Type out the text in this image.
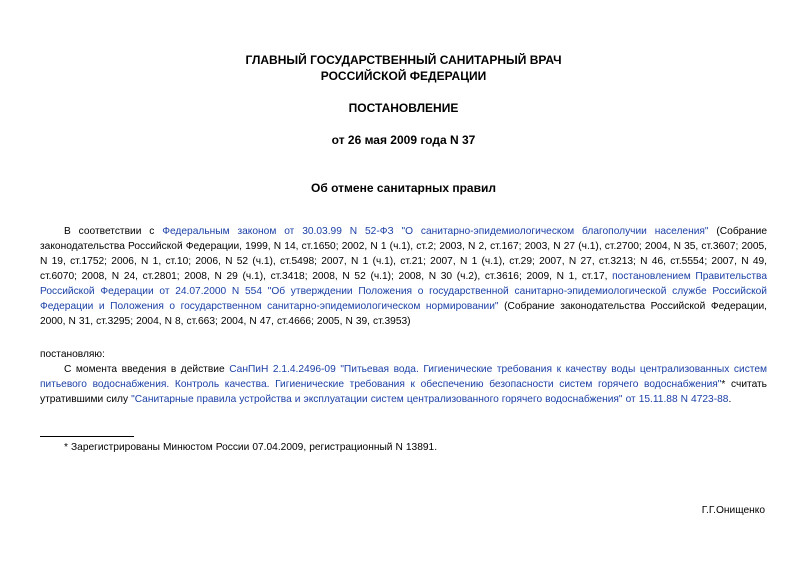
ГЛАВНЫЙ ГОСУДАРСТВЕННЫЙ САНИТАРНЫЙ ВРАЧ
РОССИЙСКОЙ ФЕДЕРАЦИИ
ПОСТАНОВЛЕНИЕ
от 26 мая 2009 года N 37
Об отмене санитарных правил
В соответствии с Федеральным законом от 30.03.99 N 52-ФЗ "О санитарно-эпидемиологическом благополучии населения" (Собрание законодательства Российской Федерации, 1999, N 14, ст.1650; 2002, N 1 (ч.1), ст.2; 2003, N 2, ст.167; 2003, N 27 (ч.1), ст.2700; 2004, N 35, ст.3607; 2005, N 19, ст.1752; 2006, N 1, ст.10; 2006, N 52 (ч.1), ст.5498; 2007, N 1 (ч.1), ст.21; 2007, N 1 (ч.1), ст.29; 2007, N 27, ст.3213; N 46, ст.5554; 2007, N 49, ст.6070; 2008, N 24, ст.2801; 2008, N 29 (ч.1), ст.3418; 2008, N 52 (ч.1); 2008, N 30 (ч.2), ст.3616; 2009, N 1, ст.17, постановлением Правительства Российской Федерации от 24.07.2000 N 554 "Об утверждении Положения о государственной санитарно-эпидемиологической службе Российской Федерации и Положения о государственном санитарно-эпидемиологическом нормировании" (Собрание законодательства Российской Федерации, 2000, N 31, ст.3295; 2004, N 8, ст.663; 2004, N 47, ст.4666; 2005, N 39, ст.3953)
постановляю:
С момента введения в действие СанПиН 2.1.4.2496-09 "Питьевая вода. Гигиенические требования к качеству воды централизованных систем питьевого водоснабжения. Контроль качества. Гигиенические требования к обеспечению безопасности систем горячего водоснабжения"* считать утратившими силу "Санитарные правила устройства и эксплуатации систем централизованного горячего водоснабжения" от 15.11.88 N 4723-88.
* Зарегистрированы Минюстом России 07.04.2009, регистрационный N 13891.
Г.Г.Онищенко
